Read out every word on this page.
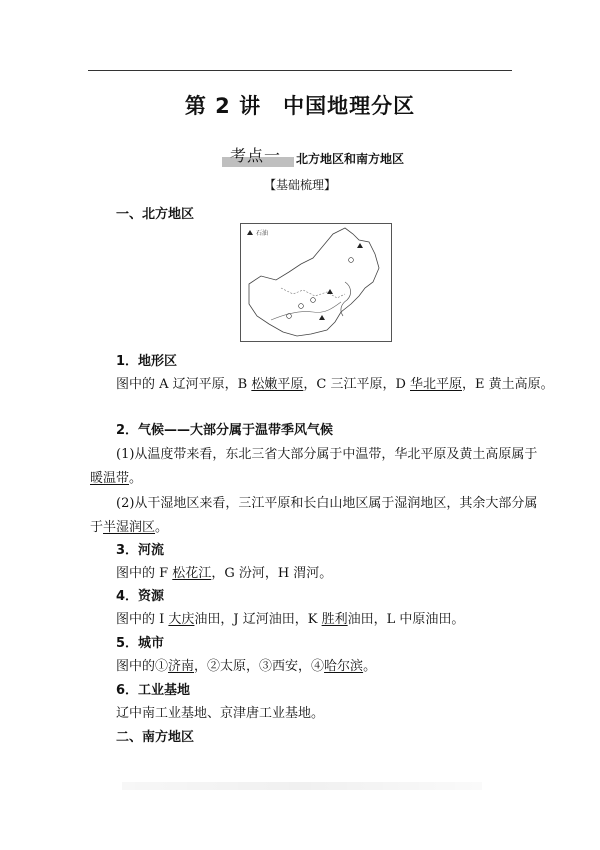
第 2 讲 中国地理分区
考点一 北方地区和南方地区
【基础梳理】
一、北方地区
石油
1．地形区
图中的 A 辽河平原，B 松嫩平原，C 三江平原，D 华北平原，E 黄土高原。
2．气候——大部分属于温带季风气候
(1)从温度带来看，东北三省大部分属于中温带，华北平原及黄土高原属于
暖温带。
(2)从干湿地区来看，三江平原和长白山地区属于湿润地区，其余大部分属
于半湿润区。
3．河流
图中的 F 松花江，G 汾河，H 渭河。
4．资源
图中的 I 大庆油田，J 辽河油田，K 胜利油田，L 中原油田。
5．城市
图中的①济南，②太原，③西安，④哈尔滨。
6．工业基地
辽中南工业基地、京津唐工业基地。
二、南方地区
